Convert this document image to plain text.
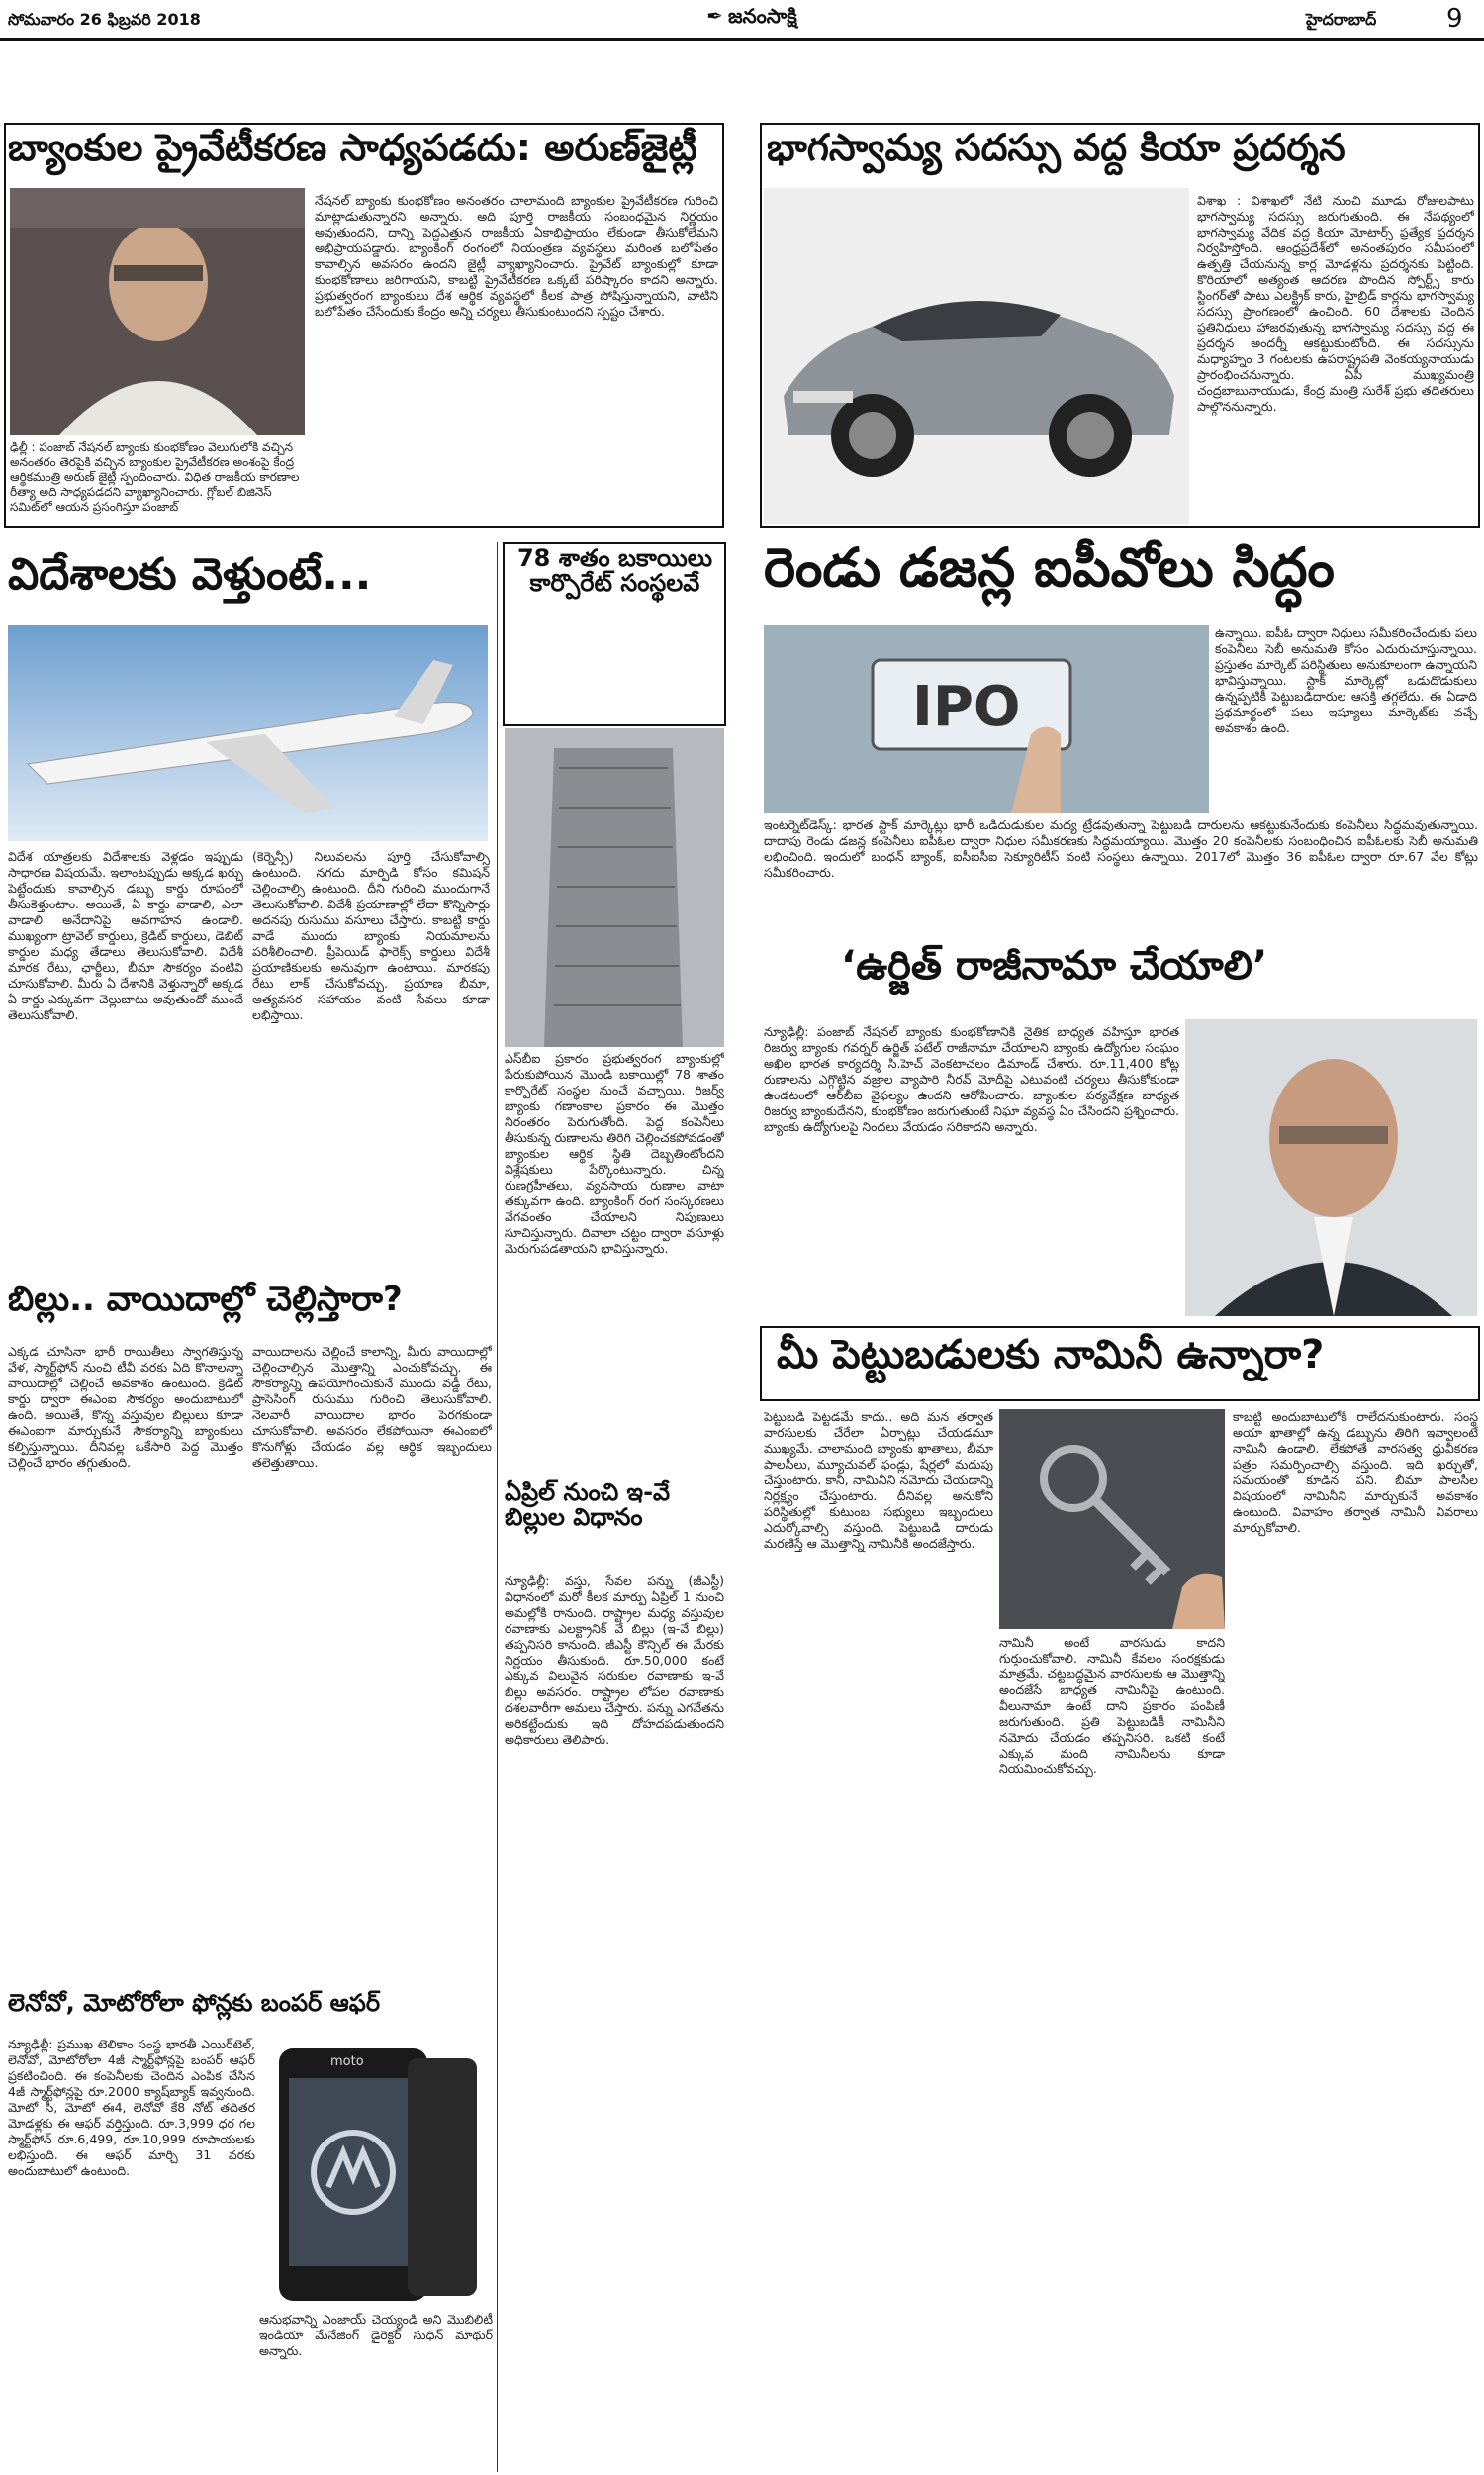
సోమవారం 26 ఫిబ్రవరి 2018	✒ జనంసాక్షి	హైదరాబాద్	9
బ్యాంకుల ప్రైవేటీకరణ సాధ్యపడదు: అరుణ్‌జైట్లీ
ఢిల్లీ : పంజాబ్ నేషనల్ బ్యాంకు కుంభకోణం వెలుగులోకి వచ్చిన అనంతరం తెరపైకి వచ్చిన బ్యాంకుల ప్రైవేటీకరణ అంశంపై కేంద్ర ఆర్థికమంత్రి అరుణ్ జైట్లీ స్పందించారు. విధిత రాజకీయ కారణాల రీత్యా అది సాధ్యపడదని వ్యాఖ్యానించారు. గ్లోబల్ బిజినెస్ సమిట్‌లో ఆయన ప్రసంగిస్తూ పంజాబ్
నేషనల్ బ్యాంకు కుంభకోణం అనంతరం చాలామంది బ్యాంకుల ప్రైవేటీకరణ గురించి మాట్లాడుతున్నారని అన్నారు. అది పూర్తి రాజకీయ సంబంధమైన నిర్ణయం అవుతుందని, దాన్ని పెద్దఎత్తున రాజకీయ ఏకాభిప్రాయం లేకుండా తీసుకోలేమని అభిప్రాయపడ్డారు. బ్యాంకింగ్ రంగంలో నియంత్రణ వ్యవస్థలు మరింత బలోపేతం కావాల్సిన అవసరం ఉందని జైట్లీ వ్యాఖ్యానించారు. ప్రైవేట్ బ్యాంకుల్లో కూడా కుంభకోణాలు జరిగాయని, కాబట్టి ప్రైవేటీకరణ ఒక్కటే పరిష్కారం కాదని అన్నారు. ప్రభుత్వరంగ బ్యాంకులు దేశ ఆర్థిక వ్యవస్థలో కీలక పాత్ర పోషిస్తున్నాయని, వాటిని బలోపేతం చేసేందుకు కేంద్రం అన్ని చర్యలు తీసుకుంటుందని స్పష్టం చేశారు.
భాగస్వామ్య సదస్సు వద్ద కియా ప్రదర్శన
విశాఖ : విశాఖలో నేటి నుంచి మూడు రోజులపాటు భాగస్వామ్య సదస్సు జరుగుతుంది. ఈ నేపథ్యంలో భాగస్వామ్య వేదిక వద్ద కియా మోటార్స్ ప్రత్యేక ప్రదర్శన నిర్వహిస్తోంది. ఆంధ్రప్రదేశ్‌లో అనంతపురం సమీపంలో ఉత్పత్తి చేయనున్న కార్ల మోడళ్లను ప్రదర్శనకు పెట్టింది. కొరియాలో అత్యంత ఆదరణ పొందిన స్పోర్ట్స్ కారు స్టింగర్‌తో పాటు ఎలక్ట్రిక్ కారు, హైబ్రిడ్ కార్లను భాగస్వామ్య సదస్సు ప్రాంగణంలో ఉంచింది. 60 దేశాలకు చెందిన ప్రతినిధులు హాజరవుతున్న భాగస్వామ్య సదస్సు వద్ద ఈ ప్రదర్శన అందర్నీ ఆకట్టుకుంటోంది. ఈ సదస్సును మధ్యాహ్నం 3 గంటలకు ఉపరాష్ట్రపతి వెంకయ్యనాయుడు ప్రారంభించనున్నారు. ఏపీ ముఖ్యమంత్రి చంద్రబాబునాయుడు, కేంద్ర మంత్రి సురేశ్ ప్రభు తదితరులు పాల్గొననున్నారు.
విదేశాలకు వెళ్తుంటే...
విదేశ యాత్రలకు విదేశాలకు వెళ్లడం ఇప్పుడు సాధారణ విషయమే. ఇలాంటప్పుడు అక్కడ ఖర్చు పెట్టేందుకు కావాల్సిన డబ్బు కార్డు రూపంలో తీసుకెళ్తుంటాం. అయితే, ఏ కార్డు వాడాలి, ఎలా వాడాలి అనేదానిపై అవగాహన ఉండాలి. ముఖ్యంగా ట్రావెల్ కార్డులు, క్రెడిట్ కార్డులు, డెబిట్ కార్డుల మధ్య తేడాలు తెలుసుకోవాలి. విదేశీ మారక రేటు, ఛార్జీలు, బీమా సౌకర్యం వంటివి చూసుకోవాలి. మీరు ఏ దేశానికి వెళ్తున్నారో అక్కడ ఏ కార్డు ఎక్కువగా చెల్లుబాటు అవుతుందో ముందే తెలుసుకోవాలి.
(కెర్నెన్సీ) నిలువలను పూర్తి చేసుకోవాల్సి ఉంటుంది. నగదు మార్పిడి కోసం కమిషన్ చెల్లించాల్సి ఉంటుంది. దీని గురించి ముందుగానే తెలుసుకోవాలి. విదేశీ ప్రయాణాల్లో లేదా కొన్నిసార్లు అదనపు రుసుము వసూలు చేస్తారు. కాబట్టి కార్డు వాడే ముందు బ్యాంకు నియమాలను పరిశీలించాలి. ప్రీపెయిడ్ ఫారెక్స్ కార్డులు విదేశీ ప్రయాణికులకు అనువుగా ఉంటాయి. మారకపు రేటు లాక్ చేసుకోవచ్చు. ప్రయాణ బీమా, అత్యవసర సహాయం వంటి సేవలు కూడా లభిస్తాయి.
78 శాతం బకాయిలు కార్పొరేట్ సంస్థలవే
ఎస్‌బీఐ ప్రకారం ప్రభుత్వరంగ బ్యాంకుల్లో పేరుకుపోయిన మొండి బకాయిల్లో 78 శాతం కార్పొరేట్ సంస్థల నుంచే వచ్చాయి. రిజర్వ్ బ్యాంకు గణాంకాల ప్రకారం ఈ మొత్తం నిరంతరం పెరుగుతోంది. పెద్ద కంపెనీలు తీసుకున్న రుణాలను తిరిగి చెల్లించకపోవడంతో బ్యాంకుల ఆర్థిక స్థితి దెబ్బతింటోందని విశ్లేషకులు పేర్కొంటున్నారు. చిన్న రుణగ్రహీతలు, వ్యవసాయ రుణాల వాటా తక్కువగా ఉంది. బ్యాంకింగ్ రంగ సంస్కరణలు వేగవంతం చేయాలని నిపుణులు సూచిస్తున్నారు. దివాలా చట్టం ద్వారా వసూళ్లు మెరుగుపడతాయని భావిస్తున్నారు.
రెండు డజన్ల ఐపీవోలు సిద్ధం
IPO
ఉన్నాయి. ఐపీఓ ద్వారా నిధులు సమీకరించేందుకు పలు కంపెనీలు సెబీ అనుమతి కోసం ఎదురుచూస్తున్నాయి. ప్రస్తుతం మార్కెట్ పరిస్థితులు అనుకూలంగా ఉన్నాయని భావిస్తున్నాయి. స్టాక్ మార్కెట్లో ఒడుదొడుకులు ఉన్నప్పటికీ పెట్టుబడిదారుల ఆసక్తి తగ్గలేదు. ఈ ఏడాది ప్రథమార్థంలో పలు ఇష్యూలు మార్కెట్‌కు వచ్చే అవకాశం ఉంది.
ఇంటర్నెట్‌డెస్క్: భారత స్టాక్ మార్కెట్లు భారీ ఒడిదుడుకుల మధ్య ట్రేడవుతున్నా పెట్టుబడి దారులను ఆకట్టుకునేందుకు కంపెనీలు సిద్ధమవుతున్నాయి. దాదాపు రెండు డజన్ల కంపెనీలు ఐపీఓల ద్వారా నిధుల సమీకరణకు సిద్ధమయ్యాయి. మొత్తం 20 కంపెనీలకు సంబంధించిన ఐపీఓలకు సెబీ అనుమతి లభించింది. ఇందులో బంధన్ బ్యాంక్, ఐసీఐసీఐ సెక్యూరిటీస్ వంటి సంస్థలు ఉన్నాయి. 2017లో మొత్తం 36 ఐపీఓల ద్వారా రూ.67 వేల కోట్లు సమీకరించారు.
‘ఉర్జిత్ రాజీనామా చేయాలి’
న్యూఢిల్లీ: పంజాబ్ నేషనల్ బ్యాంకు కుంభకోణానికి నైతిక బాధ్యత వహిస్తూ భారత రిజర్వు బ్యాంకు గవర్నర్ ఉర్జిత్ పటేల్ రాజీనామా చేయాలని బ్యాంకు ఉద్యోగుల సంఘం అఖిల భారత కార్యదర్శి సి.హెచ్ వెంకటాచలం డిమాండ్ చేశారు. రూ.11,400 కోట్ల రుణాలను ఎగ్గొట్టిన వజ్రాల వ్యాపారి నీరవ్ మోదీపై ఎటువంటి చర్యలు తీసుకోకుండా ఉండటంలో ఆర్‌బీఐ వైఫల్యం ఉందని ఆరోపించారు. బ్యాంకుల పర్యవేక్షణ బాధ్యత రిజర్వు బ్యాంకుదేనని, కుంభకోణం జరుగుతుంటే నిఘా వ్యవస్థ ఏం చేసిందని ప్రశ్నించారు. బ్యాంకు ఉద్యోగులపై నిందలు వేయడం సరికాదని అన్నారు.
బిల్లు.. వాయిదాల్లో చెల్లిస్తారా?
ఎక్కడ చూసినా భారీ రాయితీలు స్వాగతిస్తున్న వేళ, స్మార్ట్‌ఫోన్ నుంచి టీవీ వరకు ఏది కొనాలన్నా వాయిదాల్లో చెల్లించే అవకాశం ఉంటుంది. క్రెడిట్ కార్డు ద్వారా ఈఎంఐ సౌకర్యం అందుబాటులో ఉంది. అయితే, కొన్న వస్తువుల బిల్లులు కూడా ఈఎంఐగా మార్చుకునే సౌకర్యాన్ని బ్యాంకులు కల్పిస్తున్నాయి. దీనివల్ల ఒకేసారి పెద్ద మొత్తం చెల్లించే భారం తగ్గుతుంది.
వాయిదాలను చెల్లించే కాలాన్ని, మీరు వాయిదాల్లో చెల్లించాల్సిన మొత్తాన్ని ఎంచుకోవచ్చు. ఈ సౌకర్యాన్ని ఉపయోగించుకునే ముందు వడ్డీ రేటు, ప్రాసెసింగ్ రుసుము గురించి తెలుసుకోవాలి. నెలవారీ వాయిదాల భారం పెరగకుండా చూసుకోవాలి. అవసరం లేకపోయినా ఈఎంఐలో కొనుగోళ్లు చేయడం వల్ల ఆర్థిక ఇబ్బందులు తలెత్తుతాయి.
ఏప్రిల్ నుంచి ఇ-వే బిల్లుల విధానం
న్యూఢిల్లీ: వస్తు, సేవల పన్ను (జీఎస్టీ) విధానంలో మరో కీలక మార్పు ఏప్రిల్ 1 నుంచి అమల్లోకి రానుంది. రాష్ట్రాల మధ్య వస్తువుల రవాణాకు ఎలక్ట్రానిక్ వే బిల్లు (ఇ-వే బిల్లు) తప్పనిసరి కానుంది. జీఎస్టీ కౌన్సిల్ ఈ మేరకు నిర్ణయం తీసుకుంది. రూ.50,000 కంటే ఎక్కువ విలువైన సరుకుల రవాణాకు ఇ-వే బిల్లు అవసరం. రాష్ట్రాల లోపల రవాణాకు దశలవారీగా అమలు చేస్తారు. పన్ను ఎగవేతను అరికట్టేందుకు ఇది దోహదపడుతుందని అధికారులు తెలిపారు.
లెనోవో, మోటోరోలా ఫోన్లకు బంపర్ ఆఫర్
న్యూఢిల్లీ: ప్రముఖ టెలికాం సంస్థ భారతీ ఎయిర్‌టెల్, లెనోవో, మోటోరోలా 4జీ స్మార్ట్‌ఫోన్లపై బంపర్ ఆఫర్ ప్రకటించింది. ఈ కంపెనీలకు చెందిన ఎంపిక చేసిన 4జీ స్మార్ట్‌ఫోన్లపై రూ.2000 క్యాష్‌బ్యాక్ ఇవ్వనుంది. మోటో సీ, మోటో ఈ4, లెనోవో కే8 నోట్ తదితర మోడళ్లకు ఈ ఆఫర్ వర్తిస్తుంది. రూ.3,999 ధర గల స్మార్ట్‌ఫోన్ రూ.6,499, రూ.10,999 రూపాయలకు లభిస్తుంది. ఈ ఆఫర్ మార్చి 31 వరకు అందుబాటులో ఉంటుంది.
moto
ఆనుభవాన్ని ఎంజాయ్ చెయ్యండి అని మొబిలిటీ ఇండియా మేనేజింగ్ డైరెక్టర్ సుధిన్ మాథుర్ అన్నారు.
మీ పెట్టుబడులకు నామినీ ఉన్నారా?
పెట్టుబడి పెట్టడమే కాదు.. అది మన తర్వాత వారసులకు చేరేలా ఏర్పాట్లు చేయడమూ ముఖ్యమే. చాలామంది బ్యాంకు ఖాతాలు, బీమా పాలసీలు, మ్యూచువల్ ఫండ్లు, షేర్లలో మదుపు చేస్తుంటారు. కానీ, నామినీని నమోదు చేయడాన్ని నిర్లక్ష్యం చేస్తుంటారు. దీనివల్ల అనుకోని పరిస్థితుల్లో కుటుంబ సభ్యులు ఇబ్బందులు ఎదుర్కోవాల్సి వస్తుంది. పెట్టుబడి దారుడు మరణిస్తే ఆ మొత్తాన్ని నామినీకి అందజేస్తారు.
నామినీ అంటే వారసుడు కాదని గుర్తుంచుకోవాలి. నామినీ కేవలం సంరక్షకుడు మాత్రమే. చట్టబద్ధమైన వారసులకు ఆ మొత్తాన్ని అందజేసే బాధ్యత నామినీపై ఉంటుంది. వీలునామా ఉంటే దాని ప్రకారం పంపిణీ జరుగుతుంది. ప్రతి పెట్టుబడికీ నామినీని నమోదు చేయడం తప్పనిసరి. ఒకటి కంటే ఎక్కువ మంది నామినీలను కూడా నియమించుకోవచ్చు.
కాబట్టి అందుబాటులోకి రాలేదనుకుంటారు. సంస్థ అయా ఖాతాల్లో ఉన్న డబ్బును తిరిగి ఇవ్వాలంటే నామినీ ఉండాలి. లేకపోతే వారసత్వ ధ్రువీకరణ పత్రం సమర్పించాల్సి వస్తుంది. ఇది ఖర్చుతో, సమయంతో కూడిన పని. బీమా పాలసీల విషయంలో నామినీని మార్చుకునే అవకాశం ఉంటుంది. వివాహం తర్వాత నామినీ వివరాలు మార్చుకోవాలి.
